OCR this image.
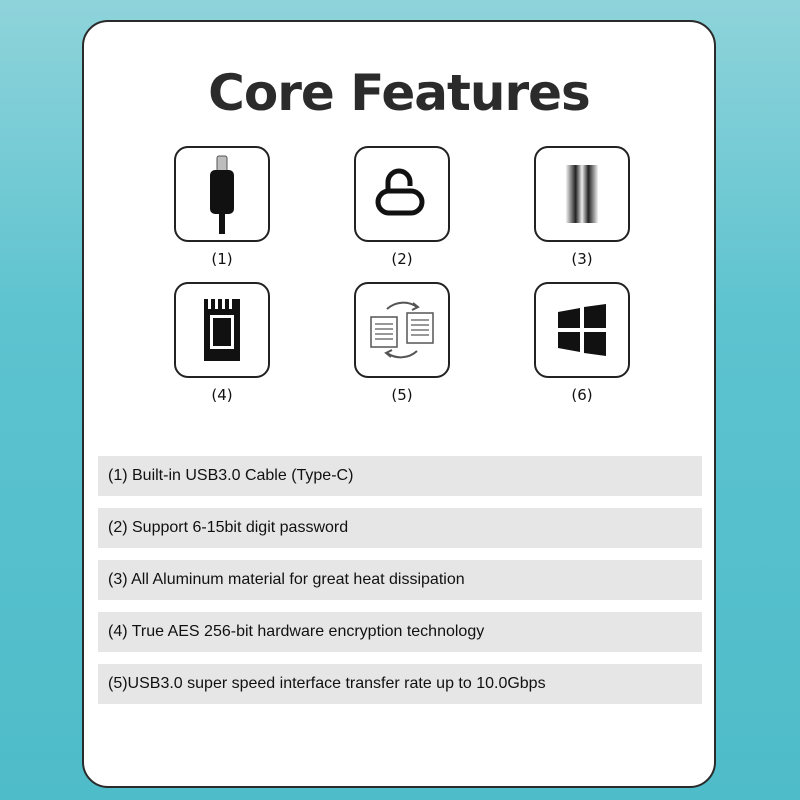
Core Features
(1)	(2)	(3)
(4)	(5)	(6)
(1) Built-in USB3.0 Cable (Type-C)
(2) Support 6-15bit digit password
(3) All Aluminum material for great heat dissipation
(4) True AES 256-bit hardware encryption technology
(5)USB3.0 super speed interface transfer rate up to 10.0Gbps
